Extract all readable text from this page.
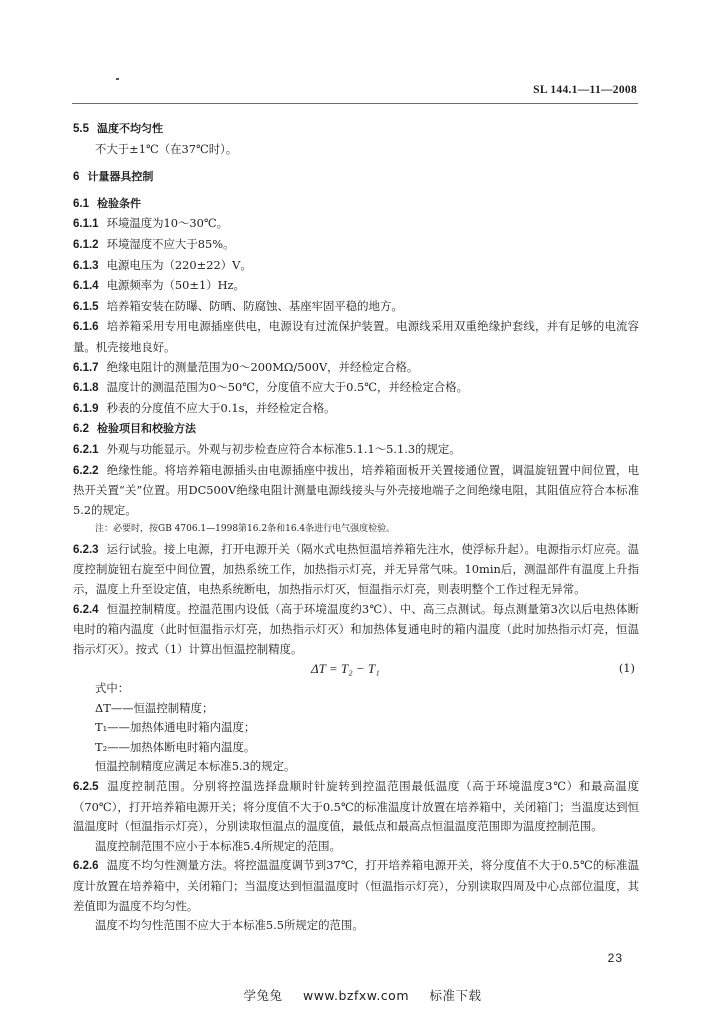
SL 144.1—11—2008

5.5 温度不均匀性

不大于±1℃（在37℃时）。

6 计量器具控制

6.1 检验条件

6.1.1 环境温度为10～30℃。

6.1.2 环境湿度不应大于85%。

6.1.3 电源电压为（220±22）V。

6.1.4 电源频率为（50±1）Hz。

6.1.5 培养箱安装在防曝、防晒、防腐蚀、基座牢固平稳的地方。

6.1.6 培养箱采用专用电源插座供电，电源设有过流保护装置。电源线采用双重绝缘护套线，并有足够的电流容量。机壳接地良好。

6.1.7 绝缘电阻计的测量范围为0～200MΩ/500V，并经检定合格。

6.1.8 温度计的测温范围为0～50℃，分度值不应大于0.5℃，并经检定合格。

6.1.9 秒表的分度值不应大于0.1s，并经检定合格。

6.2 检验项目和校验方法

6.2.1 外观与功能显示。外观与初步检查应符合本标准5.1.1～5.1.3的规定。

6.2.2 绝缘性能。将培养箱电源插头由电源插座中拔出，培养箱面板开关置接通位置，调温旋钮置中间位置，电热开关置“关”位置。用DC500V绝缘电阻计测量电源线接头与外壳接地端子之间绝缘电阻，其阻值应符合本标准5.2的规定。

注：必要时，按GB 4706.1—1998第16.2条和16.4条进行电气强度检验。

6.2.3 运行试验。接上电源，打开电源开关（隔水式电热恒温培养箱先注水，使浮标升起）。电源指示灯应亮。温度控制旋钮右旋至中间位置，加热系统工作，加热指示灯亮，并无异常气味。10min后，测温部件有温度上升指示，温度上升至设定值，电热系统断电，加热指示灯灭，恒温指示灯亮，则表明整个工作过程无异常。

6.2.4 恒温控制精度。控温范围内设低（高于环境温度约3℃）、中、高三点测试。每点测量第3次以后电热体断电时的箱内温度（此时恒温指示灯亮，加热指示灯灭）和加热体复通电时的箱内温度（此时加热指示灯亮，恒温指示灯灭）。按式（1）计算出恒温控制精度。

ΔT = T₂ − T₁	(1)

式中：

ΔT——恒温控制精度；

T₁——加热体通电时箱内温度；

T₂——加热体断电时箱内温度。

恒温控制精度应满足本标准5.3的规定。

6.2.5 温度控制范围。分别将控温选择盘顺时针旋转到控温范围最低温度（高于环境温度3℃）和最高温度（70℃），打开培养箱电源开关；将分度值不大于0.5℃的标准温度计放置在培养箱中，关闭箱门；当温度达到恒温温度时（恒温指示灯亮），分别读取恒温点的温度值，最低点和最高点恒温温度范围即为温度控制范围。

温度控制范围不应小于本标准5.4所规定的范围。

6.2.6 温度不均匀性测量方法。将控温温度调节到37℃，打开培养箱电源开关，将分度值不大于0.5℃的标准温度计放置在培养箱中，关闭箱门；当温度达到恒温温度时（恒温指示灯亮），分别读取四周及中心点部位温度，其差值即为温度不均匀性。

温度不均匀性范围不应大于本标准5.5所规定的范围。

23
学兔兔 www.bzfxw.com 标准下载
